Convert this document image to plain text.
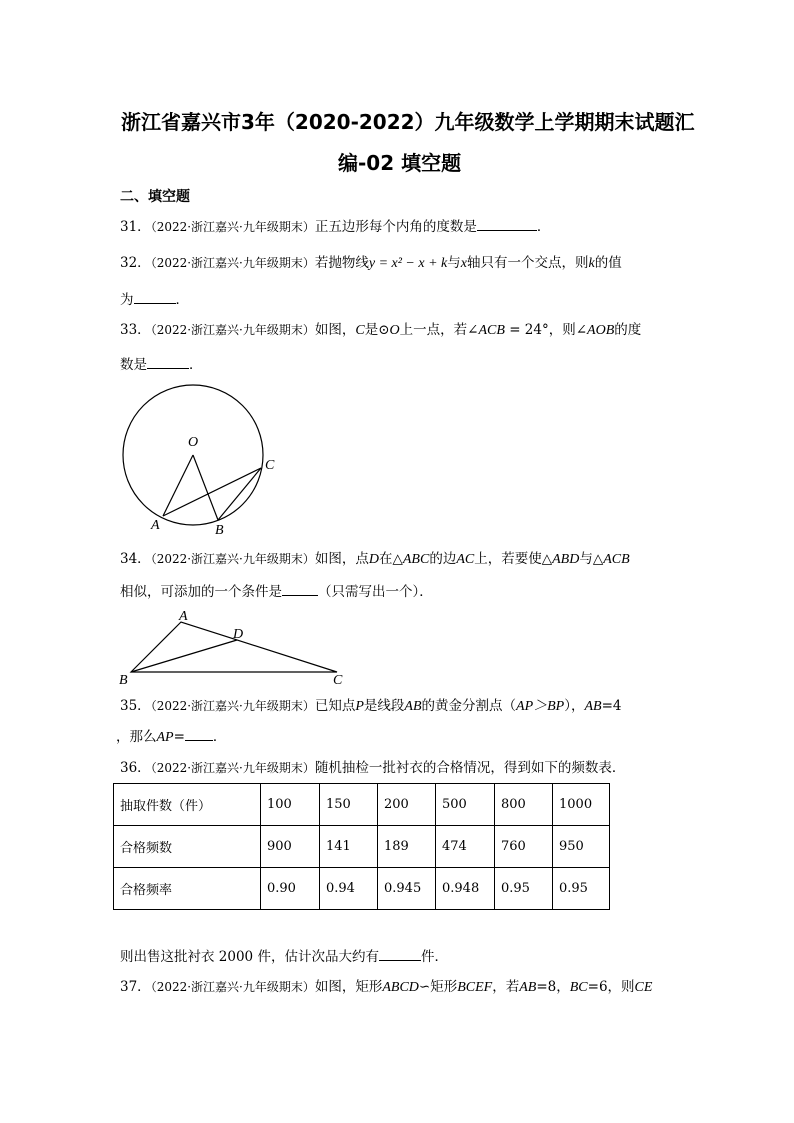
浙江省嘉兴市3年（2020-2022）九年级数学上学期期末试题汇
编-02 填空题
二、填空题
31．（2022·浙江嘉兴·九年级期末）正五边形每个内角的度数是	．
32．（2022·浙江嘉兴·九年级期末）若抛物线y = x² − x + k与x轴只有一个交点，则k的值
为	．
33．（2022·浙江嘉兴·九年级期末）如图，C是⊙O上一点，若∠ACB = 24°，则∠AOB的度
数是	．
O
C
A	B
34．（2022·浙江嘉兴·九年级期末）如图，点D在△ABC的边AC上，若要使△ABD与△ACB
相似，可添加的一个条件是	（只需写出一个）．
A
D
B	C
35．（2022·浙江嘉兴·九年级期末）已知点P是线段AB的黄金分割点（AP＞BP），AB=4
，那么AP= ．
36．（2022·浙江嘉兴·九年级期末）随机抽检一批衬衣的合格情况，得到如下的频数表．
抽取件数（件）	100	150	200	500	800	1000
合格频数	900	141	189	474	760	950
合格频率	0.90	0.94	0.945	0.948	0.95	0.95
则出售这批衬衣 2000 件，估计次品大约有	件．
37．（2022·浙江嘉兴·九年级期末）如图，矩形ABCD∽矩形BCEF，若AB=8，BC=6，则CE
